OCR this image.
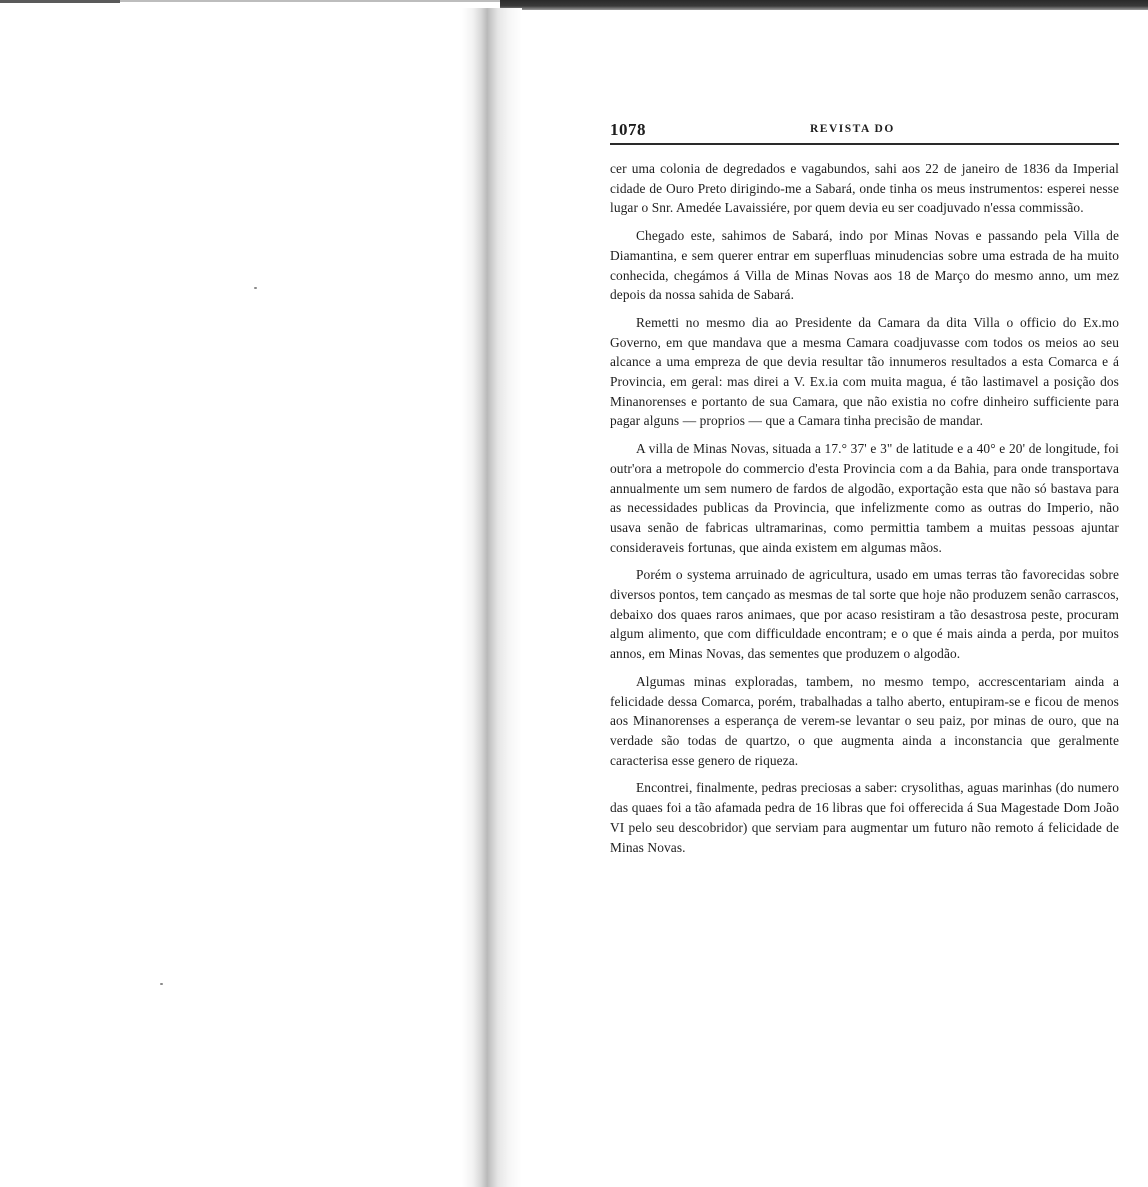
1078	REVISTA DO

cer uma colonia de degredados e vagabundos, sahi aos 22 de janeiro de 1836 da Imperial cidade de Ouro Preto dirigindo-me a Sabará, onde tinha os meus instrumentos: esperei nesse lugar o Snr. Amedée Lavaissiére, por quem devia eu ser coadjuvado n'essa commissão.

Chegado este, sahimos de Sabará, indo por Minas Novas e passando pela Villa de Diamantina, e sem querer entrar em superfluas minudencias sobre uma estrada de ha muito conhecida, chegámos á Villa de Minas Novas aos 18 de Março do mesmo anno, um mez depois da nossa sahida de Sabará.

Remetti no mesmo dia ao Presidente da Camara da dita Villa o officio do Ex.mo Governo, em que mandava que a mesma Camara coadjuvasse com todos os meios ao seu alcance a uma empreza de que devia resultar tão innumeros resultados a esta Comarca e á Provincia, em geral: mas direi a V. Ex.ia com muita magua, é tão lastimavel a posição dos Minanorenses e portanto de sua Camara, que não existia no cofre dinheiro sufficiente para pagar alguns — proprios — que a Camara tinha precisão de mandar.

A villa de Minas Novas, situada a 17.° 37' e 3" de latitude e a 40° e 20' de longitude, foi outr'ora a metropole do commercio d'esta Provincia com a da Bahia, para onde transportava annualmente um sem numero de fardos de algodão, exportação esta que não só bastava para as necessidades publicas da Provincia, que infelizmente como as outras do Imperio, não usava senão de fabricas ultramarinas, como permittia tambem a muitas pessoas ajuntar consideraveis fortunas, que ainda existem em algumas mãos.

Porém o systema arruinado de agricultura, usado em umas terras tão favorecidas sobre diversos pontos, tem cançado as mesmas de tal sorte que hoje não produzem senão carrascos, debaixo dos quaes raros animaes, que por acaso resistiram a tão desastrosa peste, procuram algum alimento, que com difficuldade encontram; e o que é mais ainda a perda, por muitos annos, em Minas Novas, das sementes que produzem o algodão.

Algumas minas exploradas, tambem, no mesmo tempo, accrescentariam ainda a felicidade dessa Comarca, porém, trabalhadas a talho aberto, entupiram-se e ficou de menos aos Minanorenses a esperança de verem-se levantar o seu paiz, por minas de ouro, que na verdade são todas de quartzo, o que augmenta ainda a inconstancia que geralmente caracterisa esse genero de riqueza.

Encontrei, finalmente, pedras preciosas a saber: crysolithas, aguas marinhas (do numero das quaes foi a tão afamada pedra de 16 libras que foi offerecida á Sua Magestade Dom João VI pelo seu descobridor) que serviam para augmentar um futuro não remoto á felicidade de Minas Novas.
